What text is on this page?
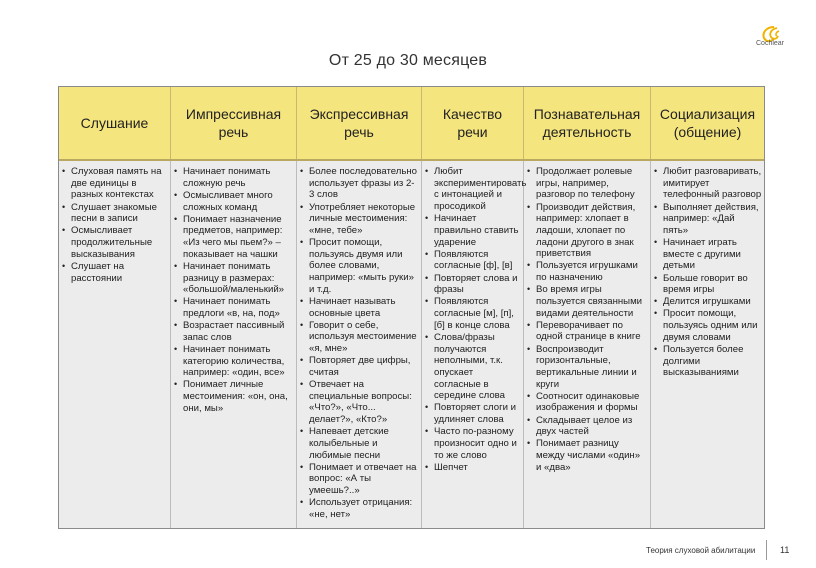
Cochlear
От 25 до 30 месяцев
Слушание
Импрессивная речь
Экспрессивная речь
Качество речи
Познавательная деятельность
Социализация (общение)
• Слуховая память на две единицы в разных контекстах
• Слушает знакомые песни в записи
• Осмысливает продолжительные высказывания
• Слушает на расстоянии
• Начинает понимать сложную речь
• Осмысливает много сложных команд
• Понимает назначение предметов, например: «Из чего мы пьем?» – показывает на чашки
• Начинает понимать разницу в размерах: «большой/маленький»
• Начинает понимать предлоги «в, на, под»
• Возрастает пассивный запас слов
• Начинает понимать категорию количества, например: «один, все»
• Понимает личные местоимения: «он, она, они, мы»
• Более последовательно использует фразы из 2-3 слов
• Употребляет некоторые личные местоимения: «мне, тебе»
• Просит помощи, пользуясь двумя или более словами, например: «мыть руки» и т.д.
• Начинает называть основные цвета
• Говорит о себе, используя местоимение «я, мне»
• Повторяет две цифры, считая
• Отвечает на специальные вопросы: «Что?», «Что... делает?», «Кто?»
• Напевает детские колыбельные и любимые песни
• Понимает и отвечает на вопрос: «А ты умеешь?..»
• Использует отрицания: «не, нет»
• Любит экспериментировать с интонацией и просодикой
• Начинает правильно ставить ударение
• Появляются согласные [ф], [в]
• Повторяет слова и фразы
• Появляются согласные [м], [п], [б] в конце слова
• Слова/фразы получаются неполными, т.к. опускает согласные в середине слова
• Повторяет слоги и удлиняет слова
• Часто по-разному произносит одно и то же слово
• Шепчет
• Продолжает ролевые игры, например, разговор по телефону
• Производит действия, например: хлопает в ладоши, хлопает по ладони другого в знак приветствия
• Пользуется игрушками по назначению
• Во время игры пользуется связанными видами деятельности
• Переворачивает по одной странице в книге
• Воспроизводит горизонтальные, вертикальные линии и круги
• Соотносит одинаковые изображения и формы
• Складывает целое из двух частей
• Понимает разницу между числами «один» и «два»
• Любит разговаривать, имитирует телефонный разговор
• Выполняет действия, например: «Дай пять»
• Начинает играть вместе с другими детьми
• Больше говорит во время игры
• Делится игрушками
• Просит помощи, пользуясь одним или двумя словами
• Пользуется более долгими высказываниями
Теория слуховой абилитации	11
